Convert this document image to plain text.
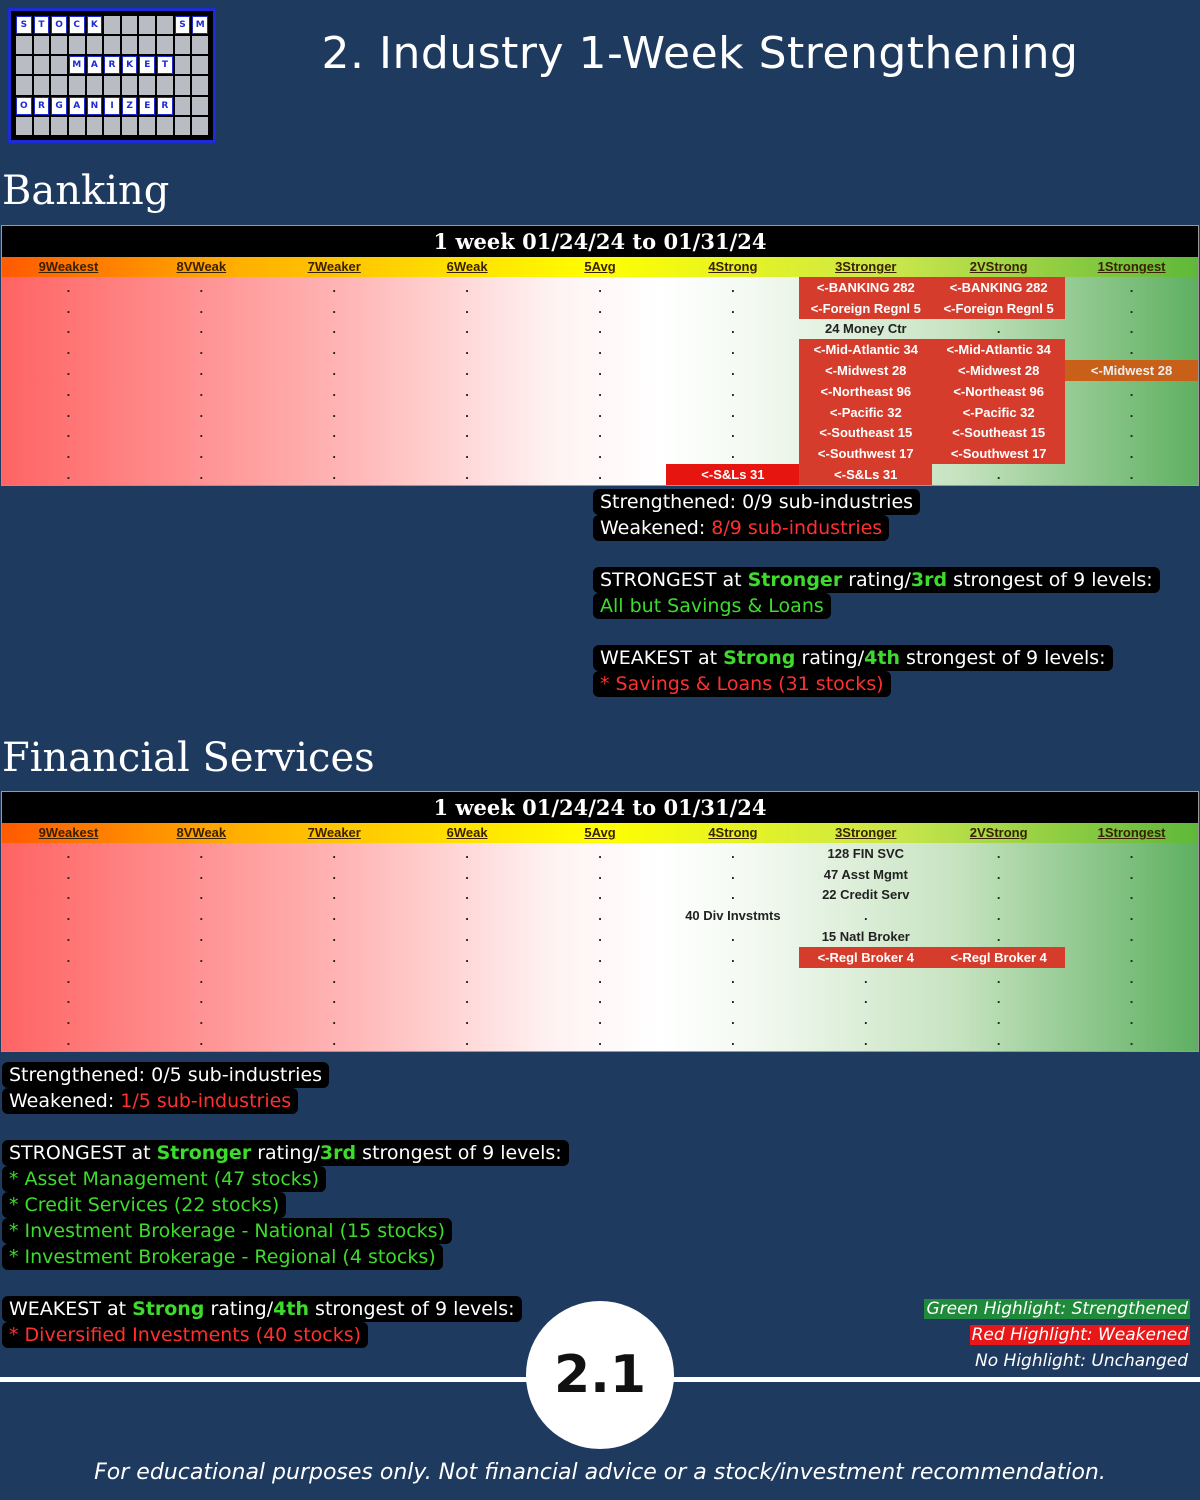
S	T	O	C	K	S	M
M	A	R	K	E	T
O	R	G	A	N	I	Z	E	R
2. Industry 1-Week Strengthening
Banking
1 week 01/24/24 to 01/31/24
9Weakest	8VWeak	7Weaker	6Weak	5Avg	4Strong	3Stronger	2VStrong	1Strongest
.	.	.	.	.	.	<-BANKING 282	<-BANKING 282	.
.	.	.	.	.	.	<-Foreign Regnl 5	<-Foreign Regnl 5	.
.	.	.	.	.	.	24 Money Ctr	.	.
.	.	.	.	.	.	<-Mid-Atlantic 34	<-Mid-Atlantic 34	.
.	.	.	.	.	.	<-Midwest 28	<-Midwest 28	<-Midwest 28
.	.	.	.	.	.	<-Northeast 96	<-Northeast 96	.
.	.	.	.	.	.	<-Pacific 32	<-Pacific 32	.
.	.	.	.	.	.	<-Southeast 15	<-Southeast 15	.
.	.	.	.	.	.	<-Southwest 17	<-Southwest 17	.
.	.	.	.	.	<-S&Ls 31	<-S&Ls 31	.	.
Strengthened: 0/9 sub-industries
Weakened: 8/9 sub-industries
STRONGEST at Stronger rating/3rd strongest of 9 levels:
All but Savings & Loans
WEAKEST at Strong rating/4th strongest of 9 levels:
* Savings & Loans (31 stocks)
Financial Services
1 week 01/24/24 to 01/31/24
9Weakest	8VWeak	7Weaker	6Weak	5Avg	4Strong	3Stronger	2VStrong	1Strongest
.	.	.	.	.	.	128 FIN SVC	.	.
.	.	.	.	.	.	47 Asst Mgmt	.	.
.	.	.	.	.	.	22 Credit Serv	.	.
.	.	.	.	.	40 Div Invstmts	.	.	.
.	.	.	.	.	.	15 Natl Broker	.	.
.	.	.	.	.	.	<-Regl Broker 4	<-Regl Broker 4	.
.	.	.	.	.	.	.	.	.
.	.	.	.	.	.	.	.	.
.	.	.	.	.	.	.	.	.
.	.	.	.	.	.	.	.	.
Strengthened: 0/5 sub-industries
Weakened: 1/5 sub-industries
STRONGEST at Stronger rating/3rd strongest of 9 levels:
* Asset Management (47 stocks)
* Credit Services (22 stocks)
* Investment Brokerage - National (15 stocks)
* Investment Brokerage - Regional (4 stocks)
WEAKEST at Strong rating/4th strongest of 9 levels:
* Diversified Investments (40 stocks)
Green Highlight: Strengthened
Red Highlight: Weakened
No Highlight: Unchanged
2.1
For educational purposes only. Not financial advice or a stock/investment recommendation.
